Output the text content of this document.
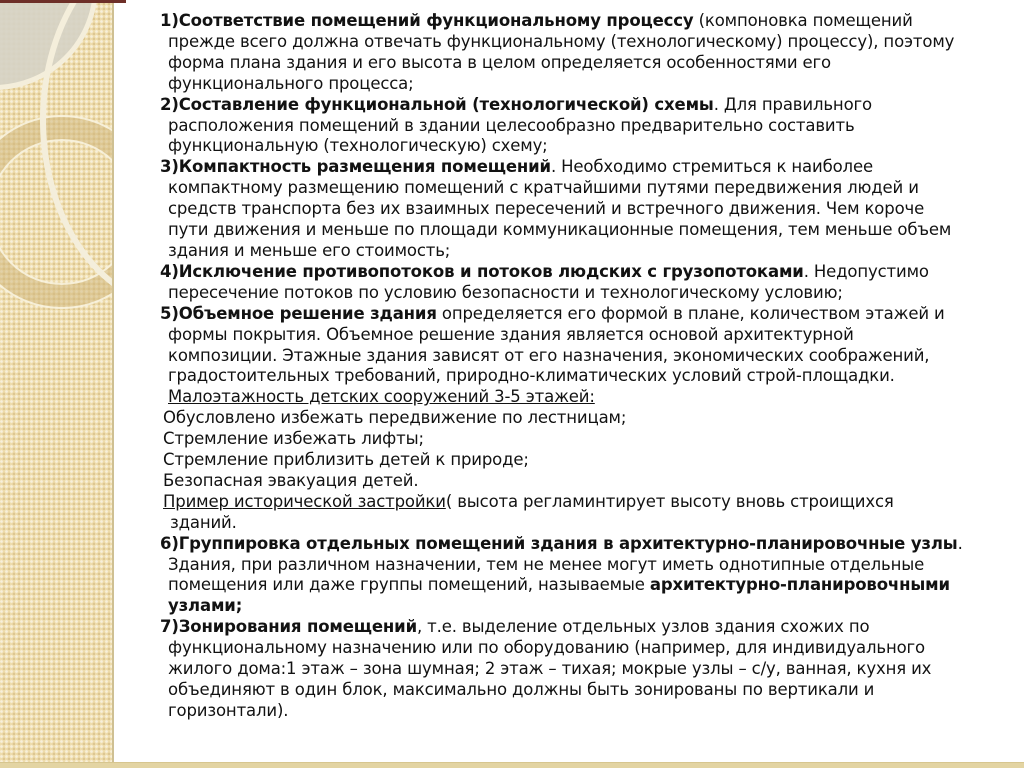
1)Соответствие помещений функциональному процессу (компоновка помещений прежде всего должна отвечать функциональному (технологическому) процессу), поэтому форма плана здания и его высота в целом определяется особенностями его функционального процесса;
2)Составление функциональной (технологической) схемы. Для правильного расположения помещений в здании целесообразно предварительно составить функциональную (технологическую) схему;
3)Компактность размещения помещений. Необходимо стремиться к наиболее компактному размещению помещений с кратчайшими путями передвижения людей и средств транспорта без их взаимных пересечений и встречного движения. Чем короче пути движения и меньше по площади коммуникационные помещения, тем меньше объем здания и меньше его стоимость;
4)Исключение противопотоков и потоков людских с грузопотоками. Недопустимо пересечение потоков по условию безопасности и технологическому условию;
5)Объемное решение здания определяется его формой в плане, количеством этажей и формы покрытия. Объемное решение здания является основой архитектурной композиции. Этажные здания зависят от его назначения, экономических соображений, градостоительных требований, природно-климатических условий строй-площадки. Малоэтажность детских сооружений 3-5 этажей:
Обусловлено избежать передвижение по лестницам;
Стремление избежать лифты;
Стремление приблизить детей к природе;
Безопасная эвакуация детей.
Пример исторической застройки( высота регламинтирует высоту вновь строищихся зданий.
6)Группировка отдельных помещений здания в архитектурно-планировочные узлы. Здания, при различном назначении, тем не менее могут иметь однотипные отдельные помещения или даже группы помещений, называемые архитектурно-планировочными узлами;
7)Зонирования помещений, т.е. выделение отдельных узлов здания схожих по функциональному назначению или по оборудованию (например, для индивидуального жилого дома:1 этаж – зона шумная; 2 этаж – тихая; мокрые узлы – с/у, ванная, кухня их объединяют в один блок, максимально должны быть зонированы по вертикали и горизонтали).
